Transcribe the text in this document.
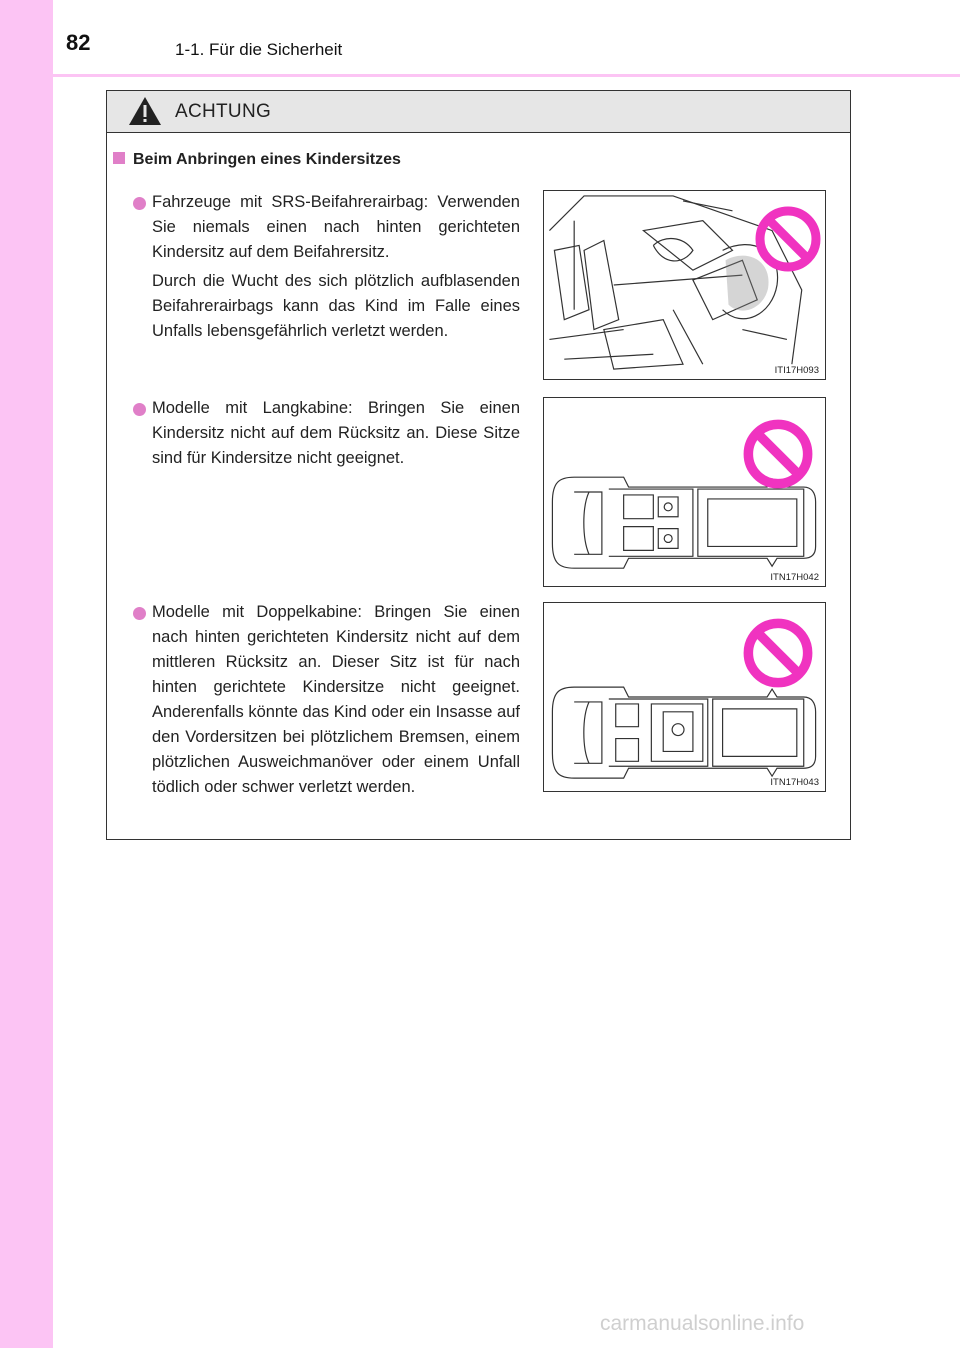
82	1-1. Für die Sicherheit
ACHTUNG
Beim Anbringen eines Kindersitzes
Fahrzeuge mit SRS-Beifahrerairbag: Verwenden Sie niemals einen nach hinten gerichteten Kindersitz auf dem Beifahrersitz.
Durch die Wucht des sich plötzlich aufblasenden Beifahrerairbags kann das Kind im Falle eines Unfalls lebensgefährlich verletzt werden.
Modelle mit Langkabine: Bringen Sie einen Kindersitz nicht auf dem Rücksitz an. Diese Sitze sind für Kindersitze nicht geeignet.
Modelle mit Doppelkabine: Bringen Sie einen nach hinten gerichteten Kindersitz nicht auf dem mittleren Rücksitz an. Dieser Sitz ist für nach hinten gerichtete Kindersitze nicht geeignet. Anderenfalls könnte das Kind oder ein Insasse auf den Vordersitzen bei plötzlichem Bremsen, einem plötzlichen Ausweichmanöver oder einem Unfall tödlich oder schwer verletzt werden.
ITI17H093
ITN17H042
ITN17H043
carmanualsonline.info
